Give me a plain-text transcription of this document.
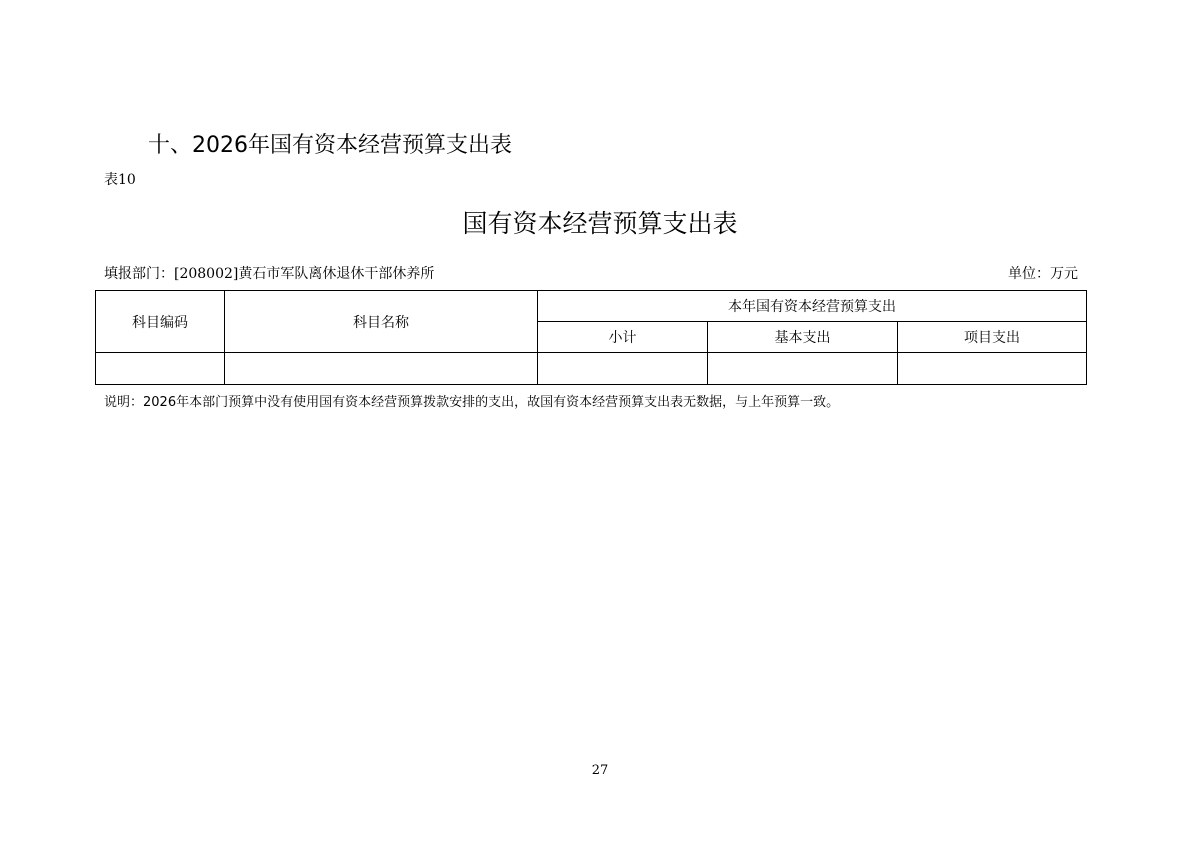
十、2026年国有资本经营预算支出表
表10
国有资本经营预算支出表
填报部门：[208002]黄石市军队离休退休干部休养所	单位：万元
科目编码	科目名称	本年国有资本经营预算支出		
		小计	基本支出	项目支出

说明：2026年本部门预算中没有使用国有资本经营预算拨款安排的支出，故国有资本经营预算支出表无数据，与上年预算一致。
27
